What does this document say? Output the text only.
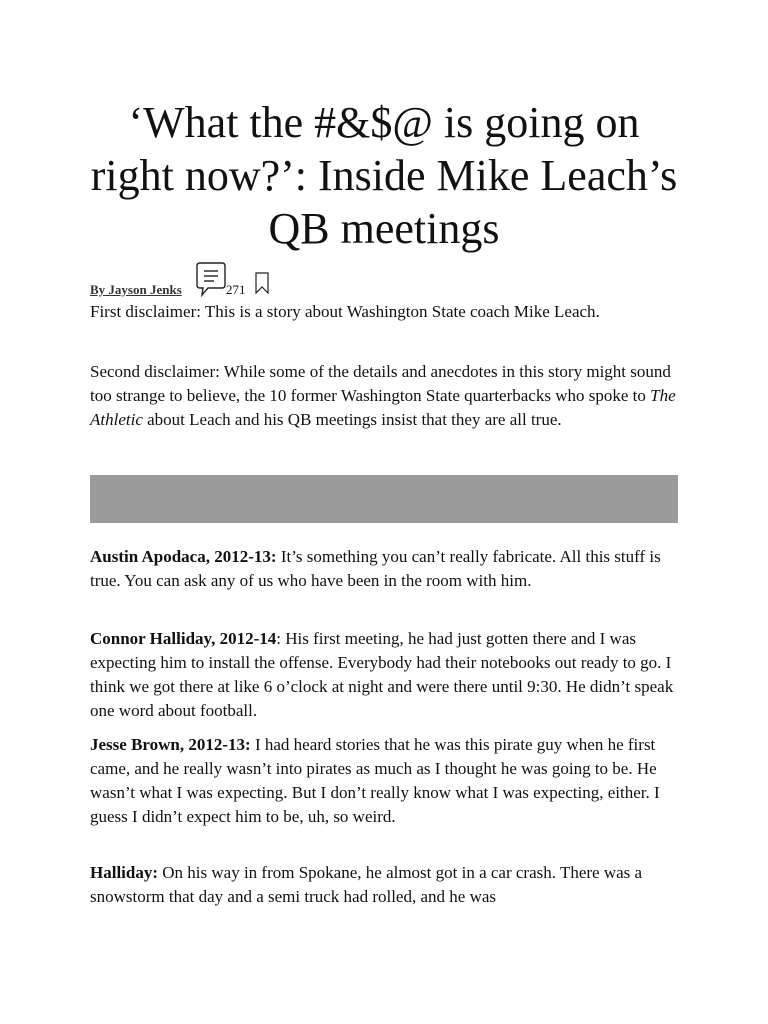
‘What the #&$@ is going on right now?’: Inside Mike Leach’s QB meetings
By Jayson Jenks	271

First disclaimer: This is a story about Washington State coach Mike Leach.

Second disclaimer: While some of the details and anecdotes in this story might sound too strange to believe, the 10 former Washington State quarterbacks who spoke to The Athletic about Leach and his QB meetings insist that they are all true.

Austin Apodaca, 2012-13: It’s something you can’t really fabricate. All this stuff is true. You can ask any of us who have been in the room with him.

Connor Halliday, 2012-14: His first meeting, he had just gotten there and I was expecting him to install the offense. Everybody had their notebooks out ready to go. I think we got there at like 6 o’clock at night and were there until 9:30. He didn’t speak one word about football.

Jesse Brown, 2012-13: I had heard stories that he was this pirate guy when he first came, and he really wasn’t into pirates as much as I thought he was going to be. He wasn’t what I was expecting. But I don’t really know what I was expecting, either. I guess I didn’t expect him to be, uh, so weird.

Halliday: On his way in from Spokane, he almost got in a car crash. There was a snowstorm that day and a semi truck had rolled, and he was
